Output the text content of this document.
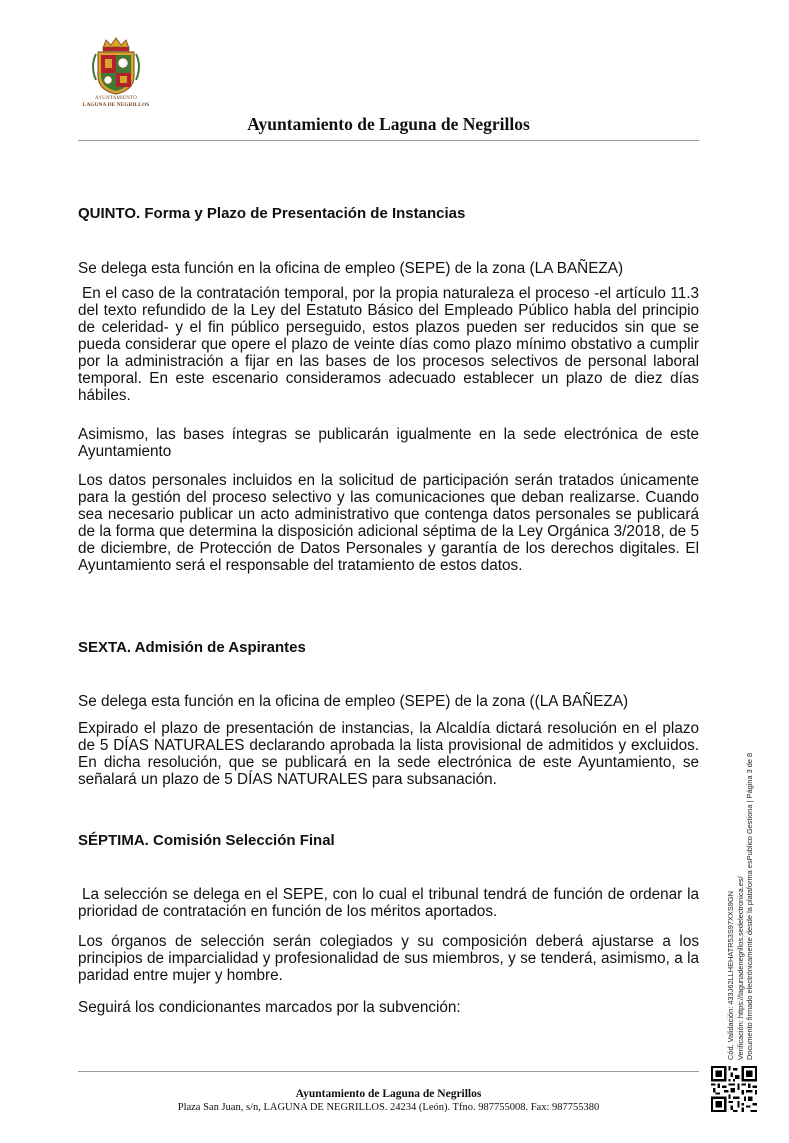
AYUNTAMIENTO
LAGUNA DE NEGRILLOS
Ayuntamiento de Laguna de Negrillos
QUINTO. Forma y Plazo de Presentación de Instancias

Se delega esta función en la oficina de empleo (SEPE) de la zona (LA BAÑEZA)

En el caso de la contratación temporal, por la propia naturaleza el proceso -el artículo 11.3 del texto refundido de la Ley del Estatuto Básico del Empleado Público habla del principio de celeridad- y el fin público perseguido, estos plazos pueden ser reducidos sin que se pueda considerar que opere el plazo de veinte días como plazo mínimo obstativo a cumplir por la administración a fijar en las bases de los procesos selectivos de personal laboral temporal. En este escenario consideramos adecuado establecer un plazo de diez días hábiles.

Asimismo, las bases íntegras se publicarán igualmente en la sede electrónica de este Ayuntamiento

Los datos personales incluidos en la solicitud de participación serán tratados únicamente para la gestión del proceso selectivo y las comunicaciones que deban realizarse. Cuando sea necesario publicar un acto administrativo que contenga datos personales se publicará de la forma que determina la disposición adicional séptima de la Ley Orgánica 3/2018, de 5 de diciembre, de Protección de Datos Personales y garantía de los derechos digitales. El Ayuntamiento será el responsable del tratamiento de estos datos.

SEXTA. Admisión de Aspirantes

Se delega esta función en la oficina de empleo (SEPE) de la zona ((LA BAÑEZA)

Expirado el plazo de presentación de instancias, la Alcaldía dictará resolución en el plazo de 5 DÍAS NATURALES declarando aprobada la lista provisional de admitidos y excluidos. En dicha resolución, que se publicará en la sede electrónica de este Ayuntamiento, se señalará un plazo de 5 DÍAS NATURALES para subsanación.

SÉPTIMA. Comisión Selección Final

La selección se delega en el SEPE, con lo cual el tribunal tendrá de función de ordenar la prioridad de contratación en función de los méritos aportados.

Los órganos de selección serán colegiados y su composición deberá ajustarse a los principios de imparcialidad y profesionalidad de sus miembros, y se tenderá, asimismo, a la paridad entre mujer y hombre.

Seguirá los condicionantes marcados por la subvención:	Cód. Validación: 433J62LLHEHATR53S97XXS9GN Verificación: https://lagunadenegrillos.sedelectronica.es/ Documento firmado electrónicamente desde la plataforma esPublico Gestiona | Página 3 de 8
Ayuntamiento de Laguna de Negrillos
Plaza San Juan, s/n, LAGUNA DE NEGRILLOS. 24234 (León). Tfno. 987755008. Fax: 987755380
